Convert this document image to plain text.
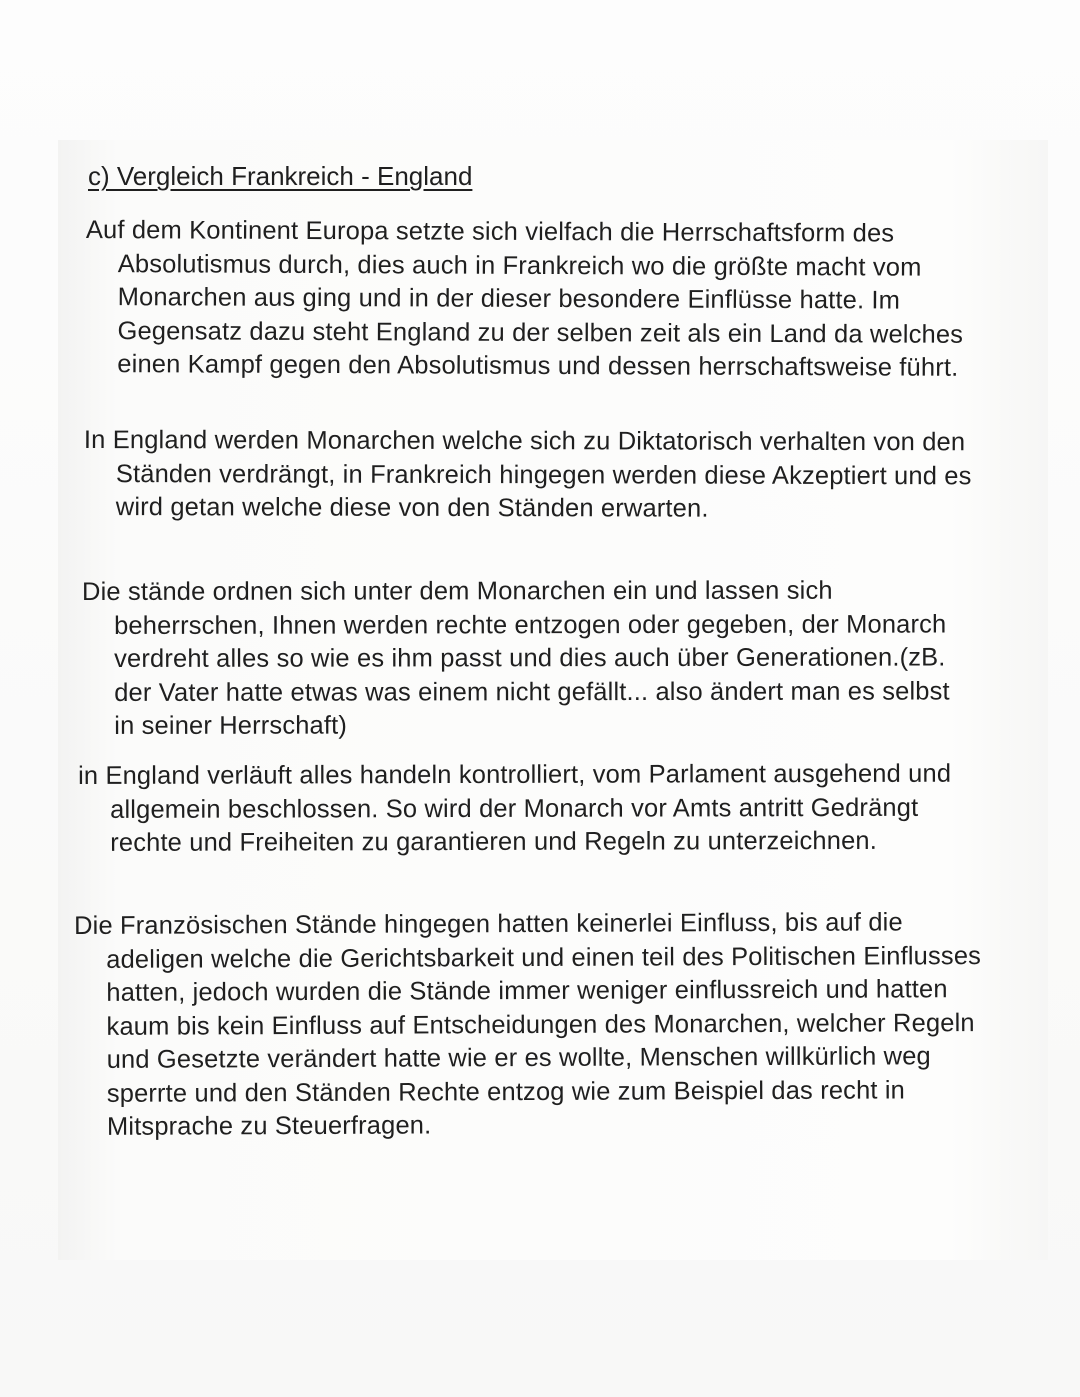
c) Vergleich Frankreich - England

Auf dem Kontinent Europa setzte sich vielfach die Herrschaftsform des Absolutismus durch, dies auch in Frankreich wo die größte macht vom Monarchen aus ging und in der dieser besondere Einflüsse hatte. Im Gegensatz dazu steht England zu der selben zeit als ein Land da welches einen Kampf gegen den Absolutismus und dessen herrschaftsweise führt.

In England werden Monarchen welche sich zu Diktatorisch verhalten von den Ständen verdrängt, in Frankreich hingegen werden diese Akzeptiert und es wird getan welche diese von den Ständen erwarten.

Die stände ordnen sich unter dem Monarchen ein und lassen sich beherrschen, Ihnen werden rechte entzogen oder gegeben, der Monarch verdreht alles so wie es ihm passt und dies auch über Generationen.(zB. der Vater hatte etwas was einem nicht gefällt... also ändert man es selbst in seiner Herrschaft)

in England verläuft alles handeln kontrolliert, vom Parlament ausgehend und allgemein beschlossen. So wird der Monarch vor Amts antritt Gedrängt rechte und Freiheiten zu garantieren und Regeln zu unterzeichnen.

Die Französischen Stände hingegen hatten keinerlei Einfluss, bis auf die adeligen welche die Gerichtsbarkeit und einen teil des Politischen Einflusses hatten, jedoch wurden die Stände immer weniger einflussreich und hatten kaum bis kein Einfluss auf Entscheidungen des Monarchen, welcher Regeln und Gesetzte verändert hatte wie er es wollte, Menschen willkürlich weg sperrte und den Ständen Rechte entzog wie zum Beispiel das recht in Mitsprache zu Steuerfragen.
